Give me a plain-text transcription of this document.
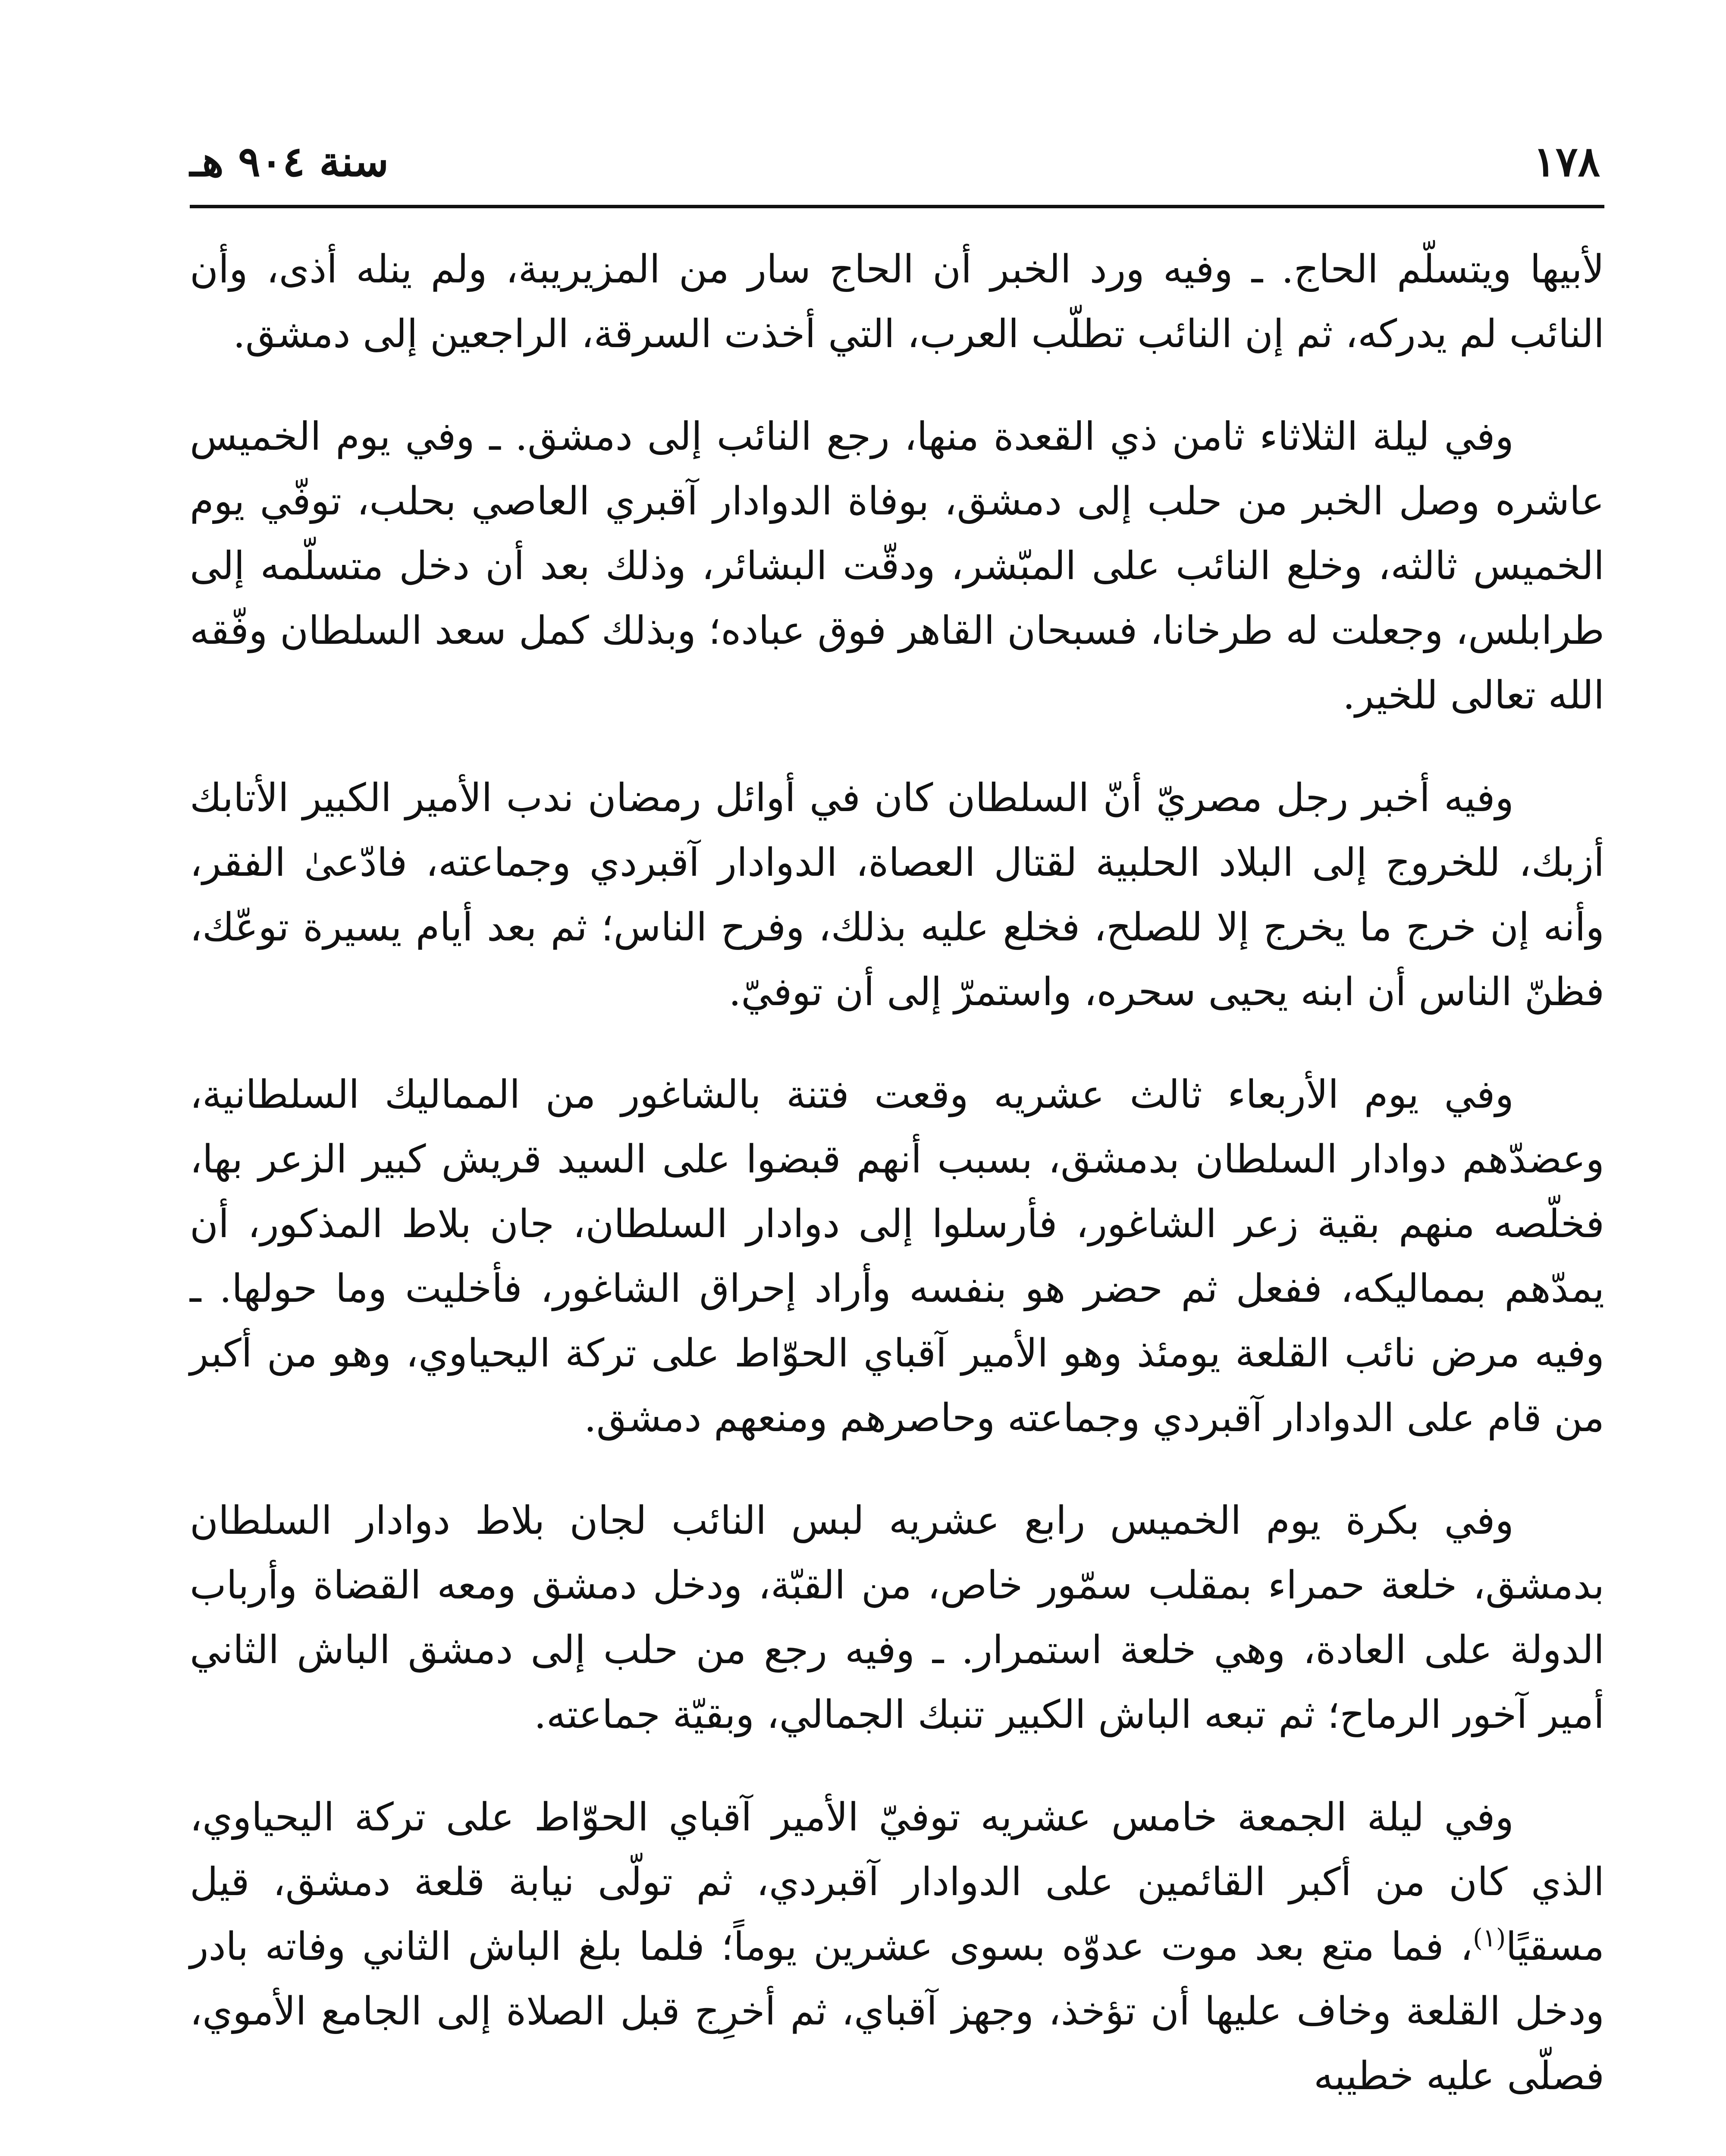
١٧٨
سنة ٩٠٤ هـ

لأبيها ويتسلّم الحاج. ـ وفيه ورد الخبر أن الحاج سار من المزيريبة، ولم ينله أذى، وأن النائب لم يدركه، ثم إن النائب تطلّب العرب، التي أخذت السرقة، الراجعين إلى دمشق.

وفي ليلة الثلاثاء ثامن ذي القعدة منها، رجع النائب إلى دمشق. ـ وفي يوم الخميس عاشره وصل الخبر من حلب إلى دمشق، بوفاة الدوادار آقبري العاصي بحلب، توفّي يوم الخميس ثالثه، وخلع النائب على المبّشر، ودقّت البشائر، وذلك بعد أن دخل متسلّمه إلى طرابلس، وجعلت له طرخانا، فسبحان القاهر فوق عباده؛ وبذلك كمل سعد السلطان وفّقه الله تعالى للخير.

وفيه أخبر رجل مصريّ أنّ السلطان كان في أوائل رمضان ندب الأمير الكبير الأتابك أزبك، للخروج إلى البلاد الحلبية لقتال العصاة، الدوادار آقبردي وجماعته، فادّعىٰ الفقر، وأنه إن خرج ما يخرج إلا للصلح، فخلع عليه بذلك، وفرح الناس؛ ثم بعد أيام يسيرة توعّك، فظنّ الناس أن ابنه يحيى سحره، واستمرّ إلى أن توفيّ.

وفي يوم الأربعاء ثالث عشريه وقعت فتنة بالشاغور من المماليك السلطانية، وعضدّهم دوادار السلطان بدمشق، بسبب أنهم قبضوا على السيد قريش كبير الزعر بها، فخلّصه منهم بقية زعر الشاغور، فأرسلوا إلى دوادار السلطان، جان بلاط المذكور، أن يمدّهم بمماليكه، ففعل ثم حضر هو بنفسه وأراد إحراق الشاغور، فأخليت وما حولها. ـ وفيه مرض نائب القلعة يومئذ وهو الأمير آقباي الحوّاط على تركة اليحياوي، وهو من أكبر من قام على الدوادار آقبردي وجماعته وحاصرهم ومنعهم دمشق.

وفي بكرة يوم الخميس رابع عشريه لبس النائب لجان بلاط دوادار السلطان بدمشق، خلعة حمراء بمقلب سمّور خاص، من القبّة، ودخل دمشق ومعه القضاة وأرباب الدولة على العادة، وهي خلعة استمرار. ـ وفيه رجع من حلب إلى دمشق الباش الثاني أمير آخور الرماح؛ ثم تبعه الباش الكبير تنبك الجمالي، وبقيّة جماعته.

وفي ليلة الجمعة خامس عشريه توفيّ الأمير آقباي الحوّاط على تركة اليحياوي، الذي كان من أكبر القائمين على الدوادار آقبردي، ثم تولّى نيابة قلعة دمشق، قيل مسقيًا$^{(١)}$، فما متع بعد موت عدوّه بسوى عشرين يوماً؛ فلما بلغ الباش الثاني وفاته بادر ودخل القلعة وخاف عليها أن تؤخذ، وجهز آقباي، ثم أخرِج قبل الصلاة إلى الجامع الأموي، فصلّى عليه خطيبه
